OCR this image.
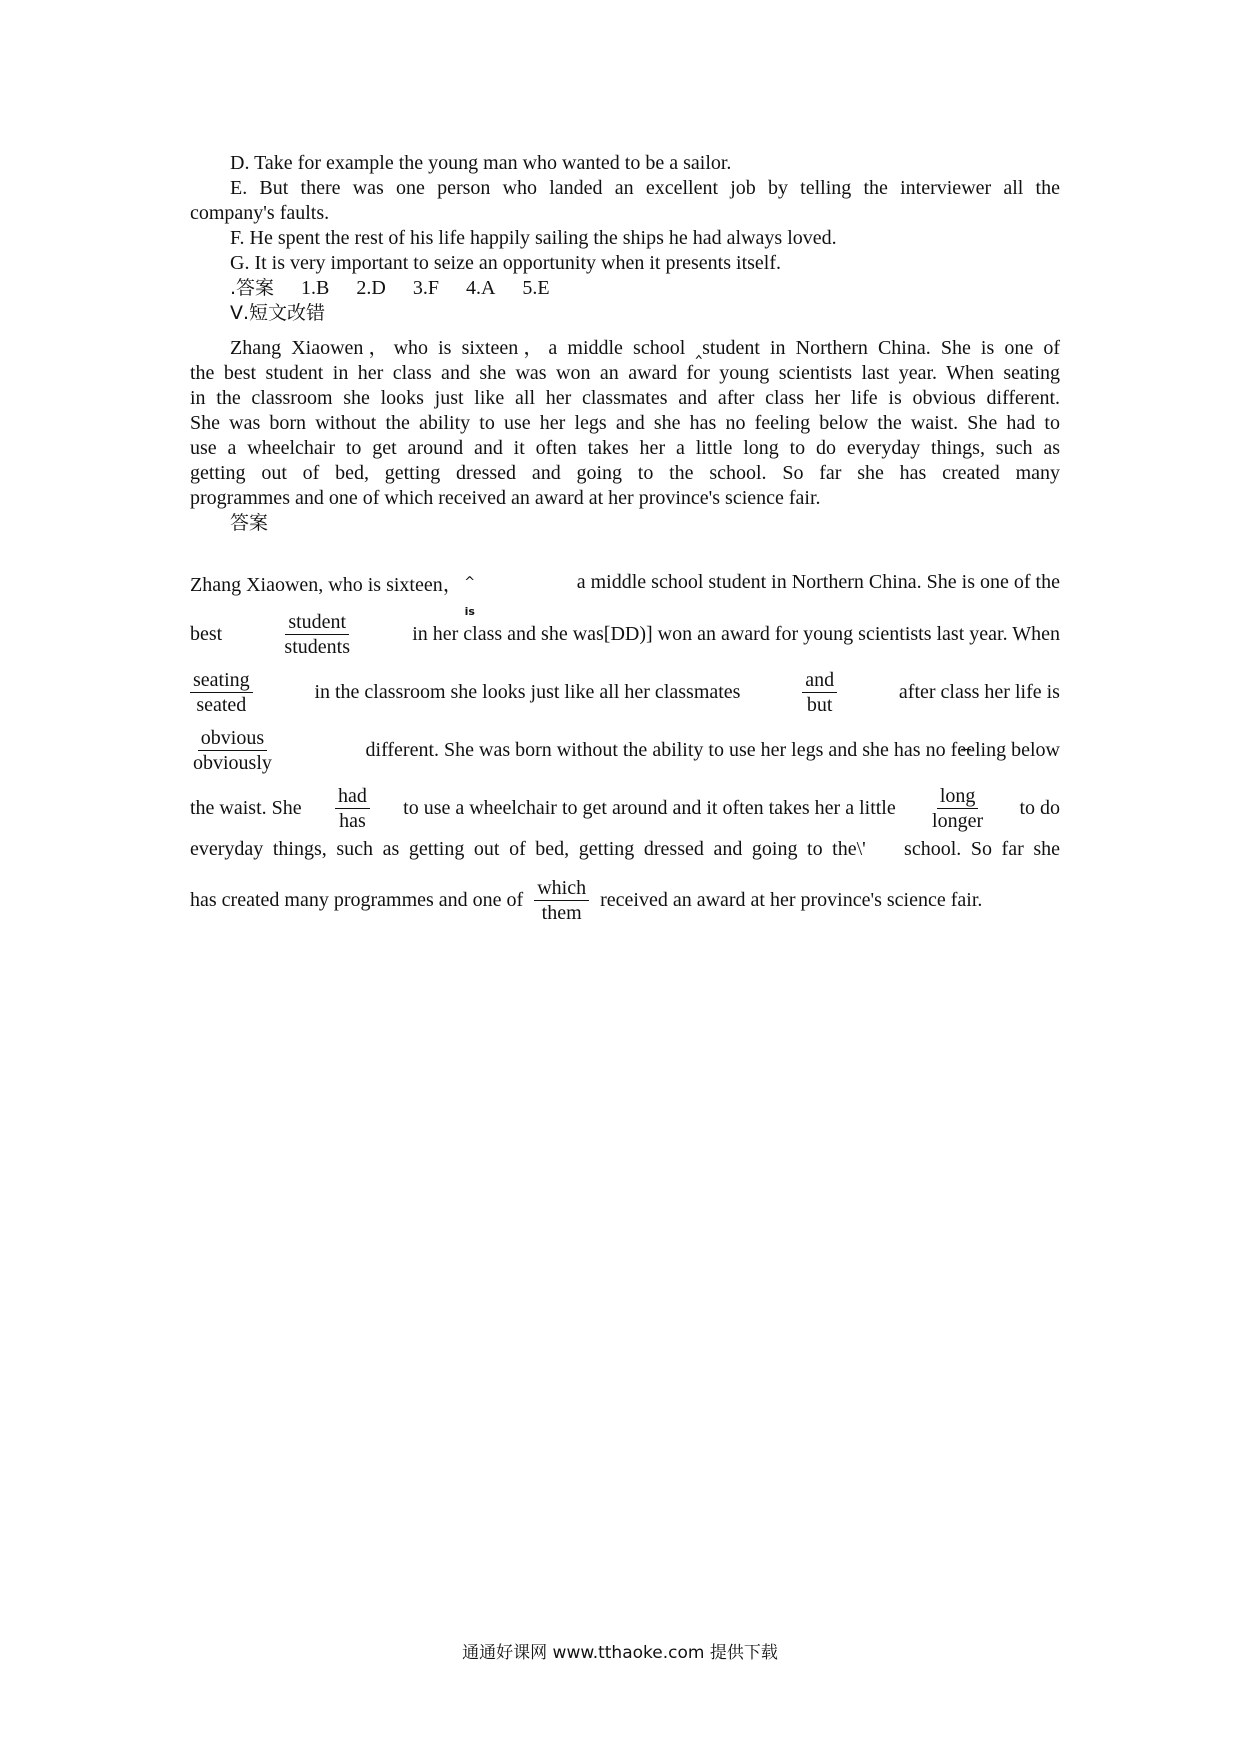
D. Take for example the young man who wanted to be a sailor.
E. But there was one person who landed an excellent job by telling the interviewer all the
company's faults.
F. He spent the rest of his life happily sailing the ships he had always loved.
G. It is very important to seize an opportunity when it presents itself.
.答案 1.B 2.D 3.F 4.A 5.E
Ⅴ.短文改错
Zhang Xiaowen，who is sixteen，a middle school ‸student in Northern China. She is one of
the best student in her class and she was won an award for young scientists last year. When seating
in the classroom she looks just like all her classmates and after class her life is obvious different.
She was born without the ability to use her legs and she has no feeling below the waist. She had to
use a wheelchair to get around and it often takes her a little long to do everyday things, such as
getting out of bed, getting dressed and going to the school. So far she has created many
programmes and one of which received an award at her province's science fair.
答案
Zhang Xiaowen, who is sixteen， ^
is
a middle school student in Northern China. She is one of the
best	$\frac{\text{student}}{\text{students}}$	in her class and she was[DD)] won an award for young scientists last year. When
$\frac{\text{seating}}{\text{seated}}$	in the classroom she looks just like all her classmates	$\frac{\text{and}}{\text{but}}$	after class her life is
$\frac{\text{obvious}}{\text{obviously}}$	different. She was born without the ability to use her legs and she has no fe̶eling below
the waist. She $\frac{\text{had}}{\text{has}}$ to use a wheelchair to get around and it often takes her a little $\frac{\text{long}}{\text{longer}}$ to do
everyday things, such as getting out of bed, getting dressed and going to the\'    school. So far she
has created many programmes and one of $\frac{\text{which}}{\text{them}}$ received an award at her province's science fair.
通通好课网 www.tthaoke.com 提供下载
